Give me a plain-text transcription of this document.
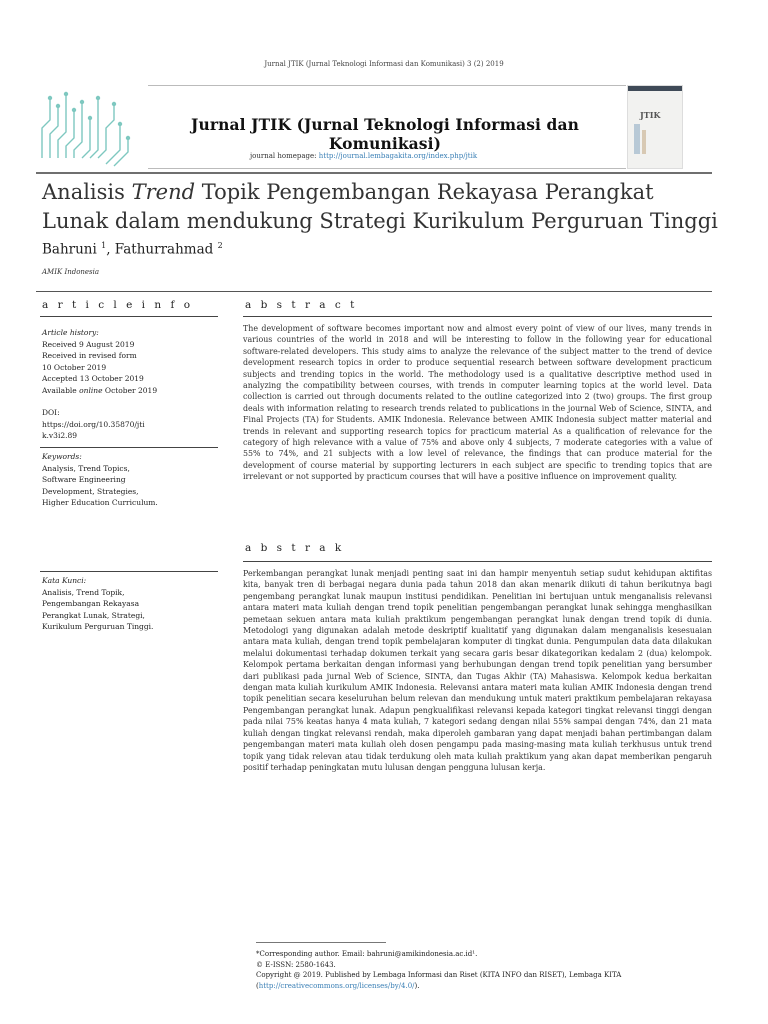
Jurnal JTIK (Jurnal Teknologi Informasi dan Komunikasi) 3 (2) 2019
Jurnal JTIK (Jurnal Teknologi Informasi dan Komunikasi)
journal homepage: http://journal.lembagakita.org/index.php/jtik
JTIK
Analisis Trend Topik Pengembangan Rekayasa Perangkat Lunak dalam mendukung Strategi Kurikulum Perguruan Tinggi
Bahruni $^1$, Fathurrahmad $^2$
AMIK Indonesia
a r t i c l e i n f o	a b s t r a c t
Article history:
Received 9 August 2019
Received in revised form
10 October 2019
Accepted 13 October 2019
Available online October 2019
DOI:
https://doi.org/10.35870/jti
k.v3i2.89
Keywords:
Analysis, Trend Topics,
Software Engineering
Development, Strategies,
Higher Education Curriculum.
The development of software becomes important now and almost every point of view of our lives, many trends in various countries of the world in 2018 and will be interesting to follow in the following year for educational software-related developers. This study aims to analyze the relevance of the subject matter to the trend of device development research topics in order to produce sequential research between software development practicum subjects and trending topics in the world. The methodology used is a qualitative descriptive method used in analyzing the compatibility between courses, with trends in computer learning topics at the world level. Data collection is carried out through documents related to the outline categorized into 2 (two) groups. The first group deals with information relating to research trends related to publications in the journal Web of Science, SINTA, and Final Projects (TA) for Students. AMIK Indonesia. Relevance between AMIK Indonesia subject matter material and trends in relevant and supporting research topics for practicum material As a qualification of relevance for the category of high relevance with a value of 75% and above only 4 subjects, 7 moderate categories with a value of 55% to 74%, and 21 subjects with a low level of relevance, the findings that can produce material for the development of course material by supporting lecturers in each subject are specific to trending topics that are irrelevant or not supported by practicum courses that will have a positive influence on improvement quality.
a b s t r a k
Kata Kunci:
Analisis, Trend Topik,
Pengembangan Rekayasa
Perangkat Lunak, Strategi,
Kurikulum Perguruan Tinggi.
Perkembangan perangkat lunak menjadi penting saat ini dan hampir menyentuh setiap sudut kehidupan aktifitas kita, banyak tren di berbagai negara dunia pada tahun 2018 dan akan menarik diikuti di tahun berikutnya bagi pengembang perangkat lunak maupun institusi pendidikan. Penelitian ini bertujuan untuk menganalisis relevansi antara materi mata kuliah dengan trend topik penelitian pengembangan perangkat lunak sehingga menghasilkan pemetaan sekuen antara mata kuliah praktikum pengembangan perangkat lunak dengan trend topik di dunia. Metodologi yang digunakan adalah metode deskriptif kualitatif yang digunakan dalam menganalisis kesesuaian antara mata kuliah, dengan trend topik pembelajaran komputer di tingkat dunia. Pengumpulan data data dilakukan melalui dokumentasi terhadap dokumen terkait yang secara garis besar dikategorikan kedalam 2 (dua) kelompok. Kelompok pertama berkaitan dengan informasi yang berhubungan dengan trend topik penelitian yang bersumber dari publikasi pada jurnal Web of Science, SINTA, dan Tugas Akhir (TA) Mahasiswa. Kelompok kedua berkaitan dengan mata kuliah kurikulum AMIK Indonesia. Relevansi antara materi mata kulian AMIK Indonesia dengan trend topik penelitian secara keseluruhan belum relevan dan mendukung untuk materi praktikum pembelajaran rekayasa Pengembangan perangkat lunak. Adapun pengkualifikasi relevansi kepada kategori tingkat relevansi tinggi dengan pada nilai 75% keatas hanya 4 mata kuliah, 7 kategori sedang dengan nilai 55% sampai dengan 74%, dan 21 mata kuliah dengan tingkat relevansi rendah, maka diperoleh gambaran yang dapat menjadi bahan pertimbangan dalam pengembangan materi mata kuliah oleh dosen pengampu pada masing-masing mata kuliah terkhusus untuk trend topik yang tidak relevan atau tidak terdukung oleh mata kuliah praktikum yang akan dapat memberikan pengaruh positif terhadap peningkatan mutu lulusan dengan pengguna lulusan kerja.
*Corresponding author. Email: bahruni@amikindonesia.ac.id¹.
© E-ISSN: 2580-1643.
Copyright @ 2019. Published by Lembaga Informasi dan Riset (KITA INFO dan RISET), Lembaga KITA
(http://creativecommons.org/licenses/by/4.0/).
